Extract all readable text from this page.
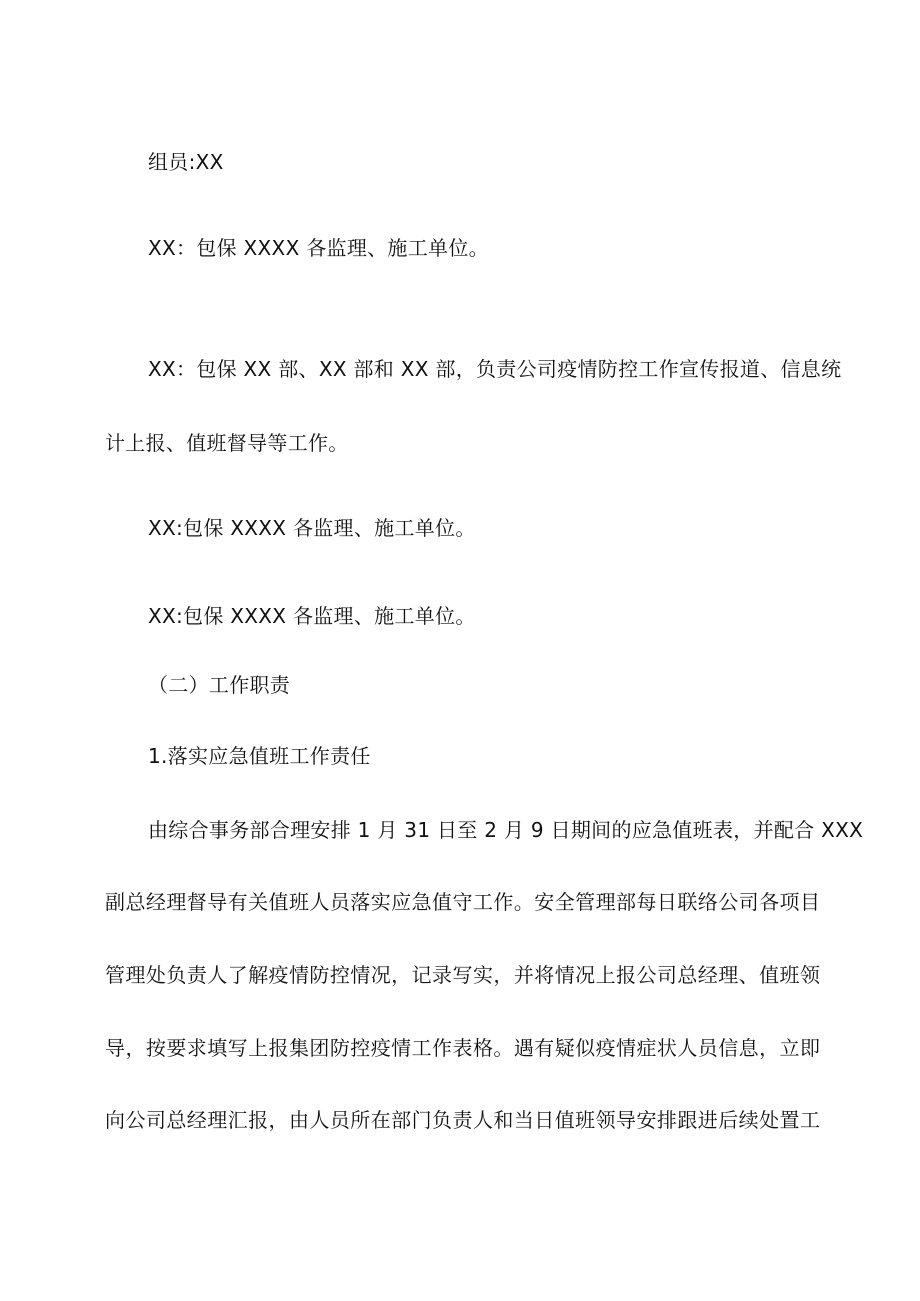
组员:XX
XX：包保 XXXX 各监理、施工单位。
XX：包保 XX 部、XX 部和 XX 部，负责公司疫情防控工作宣传报道、信息统
计上报、值班督导等工作。
XX:包保 XXXX 各监理、施工单位。
XX:包保 XXXX 各监理、施工单位。
（二）工作职责
1.落实应急值班工作责任
由综合事务部合理安排 1 月 31 日至 2 月 9 日期间的应急值班表，并配合 XXX
副总经理督导有关值班人员落实应急值守工作。安全管理部每日联络公司各项目
管理处负责人了解疫情防控情况，记录写实，并将情况上报公司总经理、值班领
导，按要求填写上报集团防控疫情工作表格。遇有疑似疫情症状人员信息，立即
向公司总经理汇报，由人员所在部门负责人和当日值班领导安排跟进后续处置工
